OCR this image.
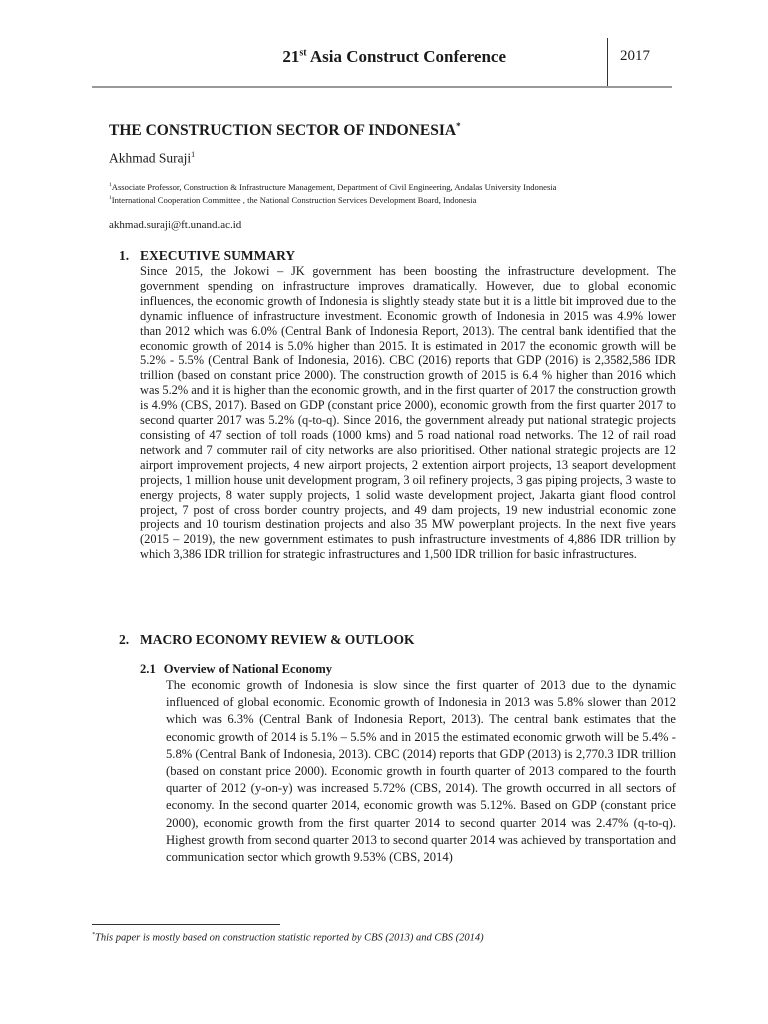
21st Asia Construct Conference	2017
THE CONSTRUCTION SECTOR OF INDONESIA*
Akhmad Suraji$^1$
$^1$Associate Professor, Construction & Infrastructure Management, Department of Civil Engineering, Andalas University Indonesia
$^1$International Cooperation Committee , the National Construction Services Development Board, Indonesia
akhmad.suraji@ft.unand.ac.id
1. EXECUTIVE SUMMARY

Since 2015, the Jokowi – JK government has been boosting the infrastructure development. The government spending on infrastructure improves dramatically. However, due to global economic influences, the economic growth of Indonesia is slightly steady state but it is a little bit improved due to the dynamic influence of infrastructure investment. Economic growth of Indonesia in 2015 was 4.9% lower than 2012 which was 6.0% (Central Bank of Indonesia Report, 2013). The central bank identified that the economic growth of 2014 is 5.0% higher than 2015. It is estimated in 2017 the economic growth will be 5.2% - 5.5% (Central Bank of Indonesia, 2016). CBC (2016) reports that GDP (2016) is 2,3582,586 IDR trillion (based on constant price 2000). The construction growth of 2015 is 6.4 % higher than 2016 which was 5.2% and it is higher than the economic growth, and in the first quarter of 2017 the construction growth is 4.9% (CBS, 2017). Based on GDP (constant price 2000), economic growth from the first quarter 2017 to second quarter 2017 was 5.2% (q-to-q). Since 2016, the government already put national strategic projects consisting of 47 section of toll roads (1000 kms) and 5 road national road networks. The 12 of rail road network and 7 commuter rail of city networks are also prioritised. Other national strategic projects are 12 airport improvement projects, 4 new airport projects, 2 extention airport projects, 13 seaport development projects, 1 million house unit development program, 3 oil refinery projects, 3 gas piping projects, 3 waste to energy projects, 8 water supply projects, 1 solid waste development project, Jakarta giant flood control project, 7 post of cross border country projects, and 49 dam projects, 19 new industrial economic zone projects and 10 tourism destination projects and also 35 MW powerplant projects. In the next five years (2015 – 2019), the new government estimates to push infrastructure investments of 4,886 IDR trillion by which 3,386 IDR trillion for strategic infrastructures and 1,500 IDR trillion for basic infrastructures.

2. MACRO ECONOMY REVIEW & OUTLOOK
2.1 Overview of National Economy

The economic growth of Indonesia is slow since the first quarter of 2013 due to the dynamic influenced of global economic. Economic growth of Indonesia in 2013 was 5.8% slower than 2012 which was 6.3% (Central Bank of Indonesia Report, 2013). The central bank estimates that the economic growth of 2014 is 5.1% – 5.5% and in 2015 the estimated economic grwoth will be 5.4% - 5.8% (Central Bank of Indonesia, 2013). CBC (2014) reports that GDP (2013) is 2,770.3 IDR trillion (based on constant price 2000). Economic growth in fourth quarter of 2013 compared to the fourth quarter of 2012 (y-on-y) was increased 5.72% (CBS, 2014). The growth occurred in all sectors of economy. In the second quarter 2014, economic growth was 5.12%. Based on GDP (constant price 2000), economic growth from the first quarter 2014 to second quarter 2014 was 2.47% (q-to-q). Highest growth from second quarter 2013 to second quarter 2014 was achieved by transportation and communication sector which growth 9.53% (CBS, 2014)

*This paper is mostly based on construction statistic reported by CBS (2013) and CBS (2014)
